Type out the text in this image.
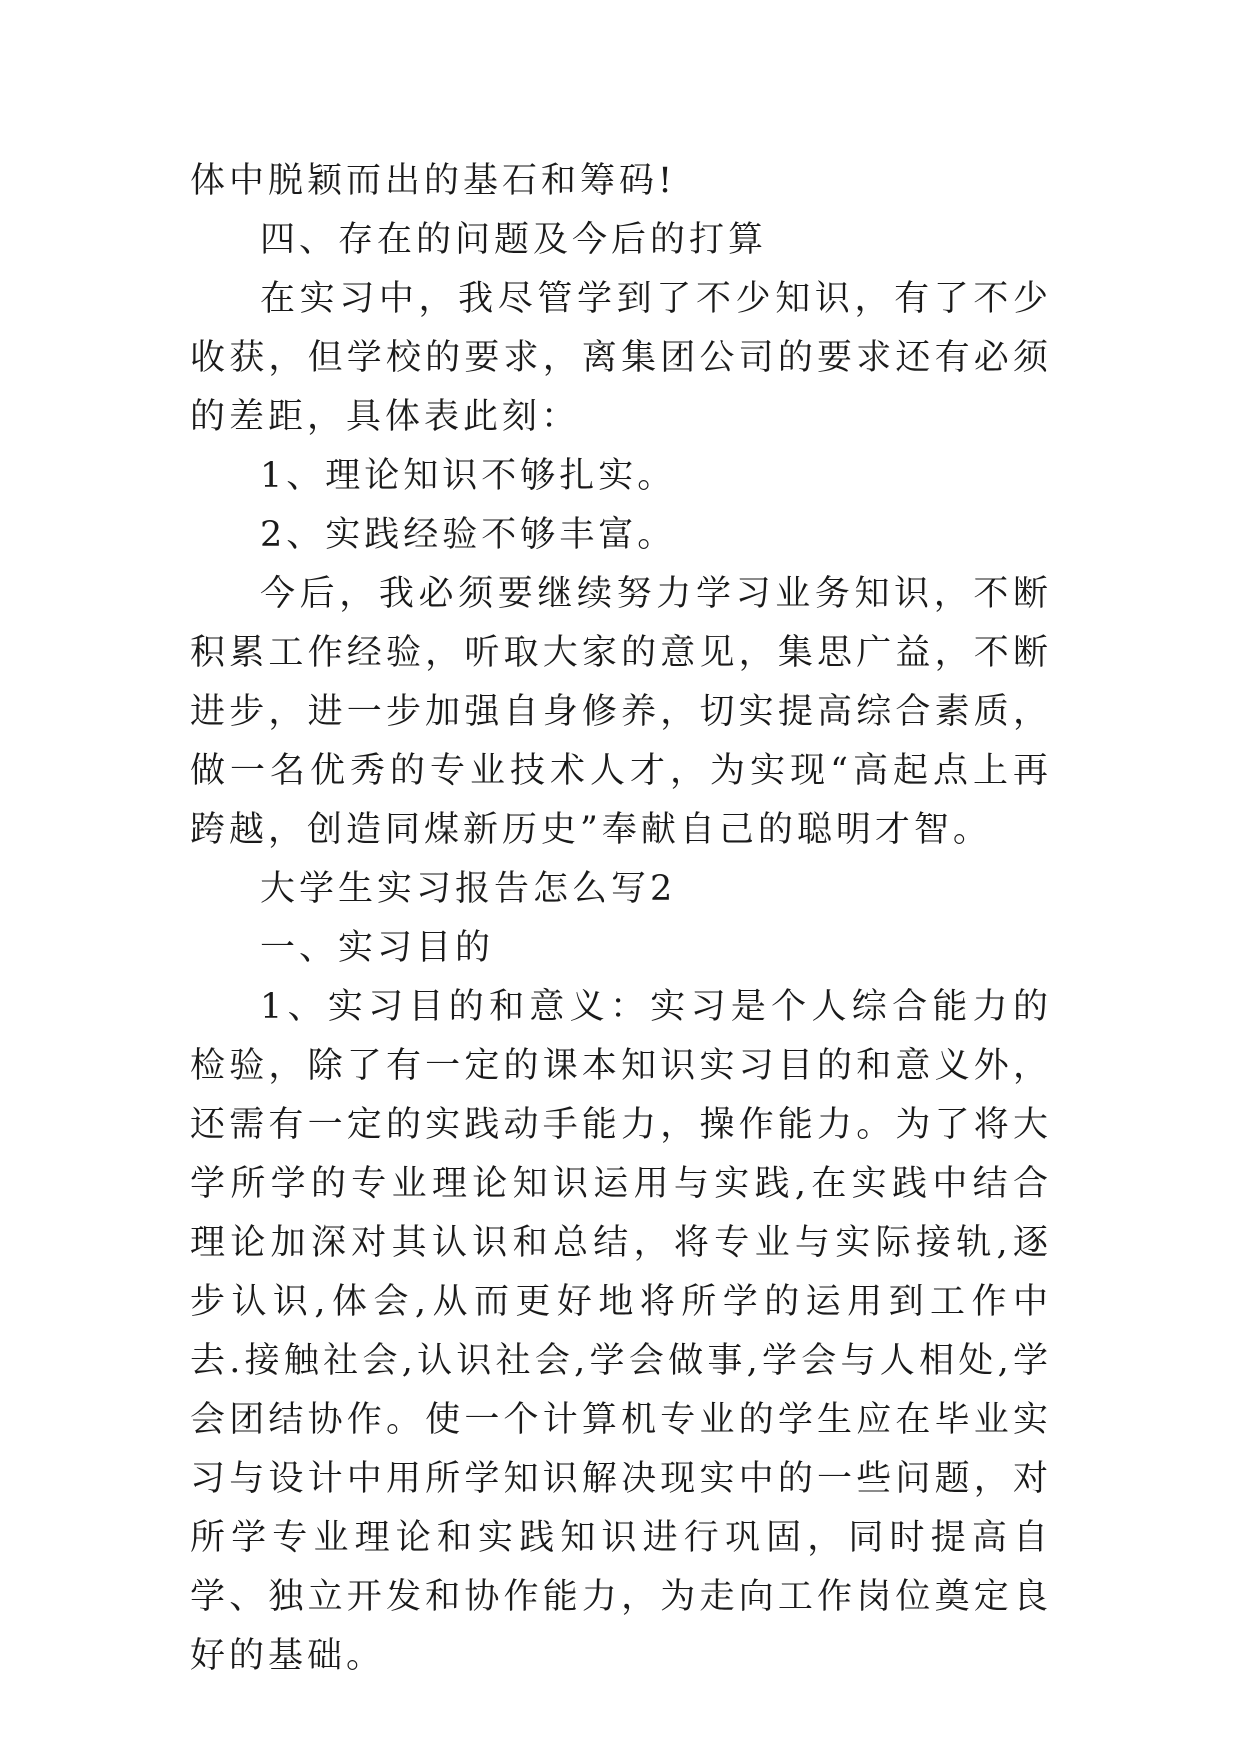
体中脱颖而出的基石和筹码!

四、存在的问题及今后的打算

在实习中，我尽管学到了不少知识，有了不少收获，但学校的要求，离集团公司的要求还有必须的差距，具体表此刻：

1、理论知识不够扎实。

2、实践经验不够丰富。

今后，我必须要继续努力学习业务知识，不断积累工作经验，听取大家的意见，集思广益，不断进步，进一步加强自身修养，切实提高综合素质，做一名优秀的专业技术人才，为实现“高起点上再跨越，创造同煤新历史”奉献自己的聪明才智。

大学生实习报告怎么写2

一、实习目的

1、实习目的和意义：实习是个人综合能力的检验，除了有一定的课本知识实习目的和意义外，还需有一定的实践动手能力，操作能力。为了将大学所学的专业理论知识运用与实践,在实践中结合理论加深对其认识和总结，将专业与实际接轨,逐步认识,体会,从而更好地将所学的运用到工作中去.接触社会,认识社会,学会做事,学会与人相处,学会团结协作。使一个计算机专业的学生应在毕业实习与设计中用所学知识解决现实中的一些问题，对所学专业理论和实践知识进行巩固，同时提高自学、独立开发和协作能力，为走向工作岗位奠定良好的基础。
